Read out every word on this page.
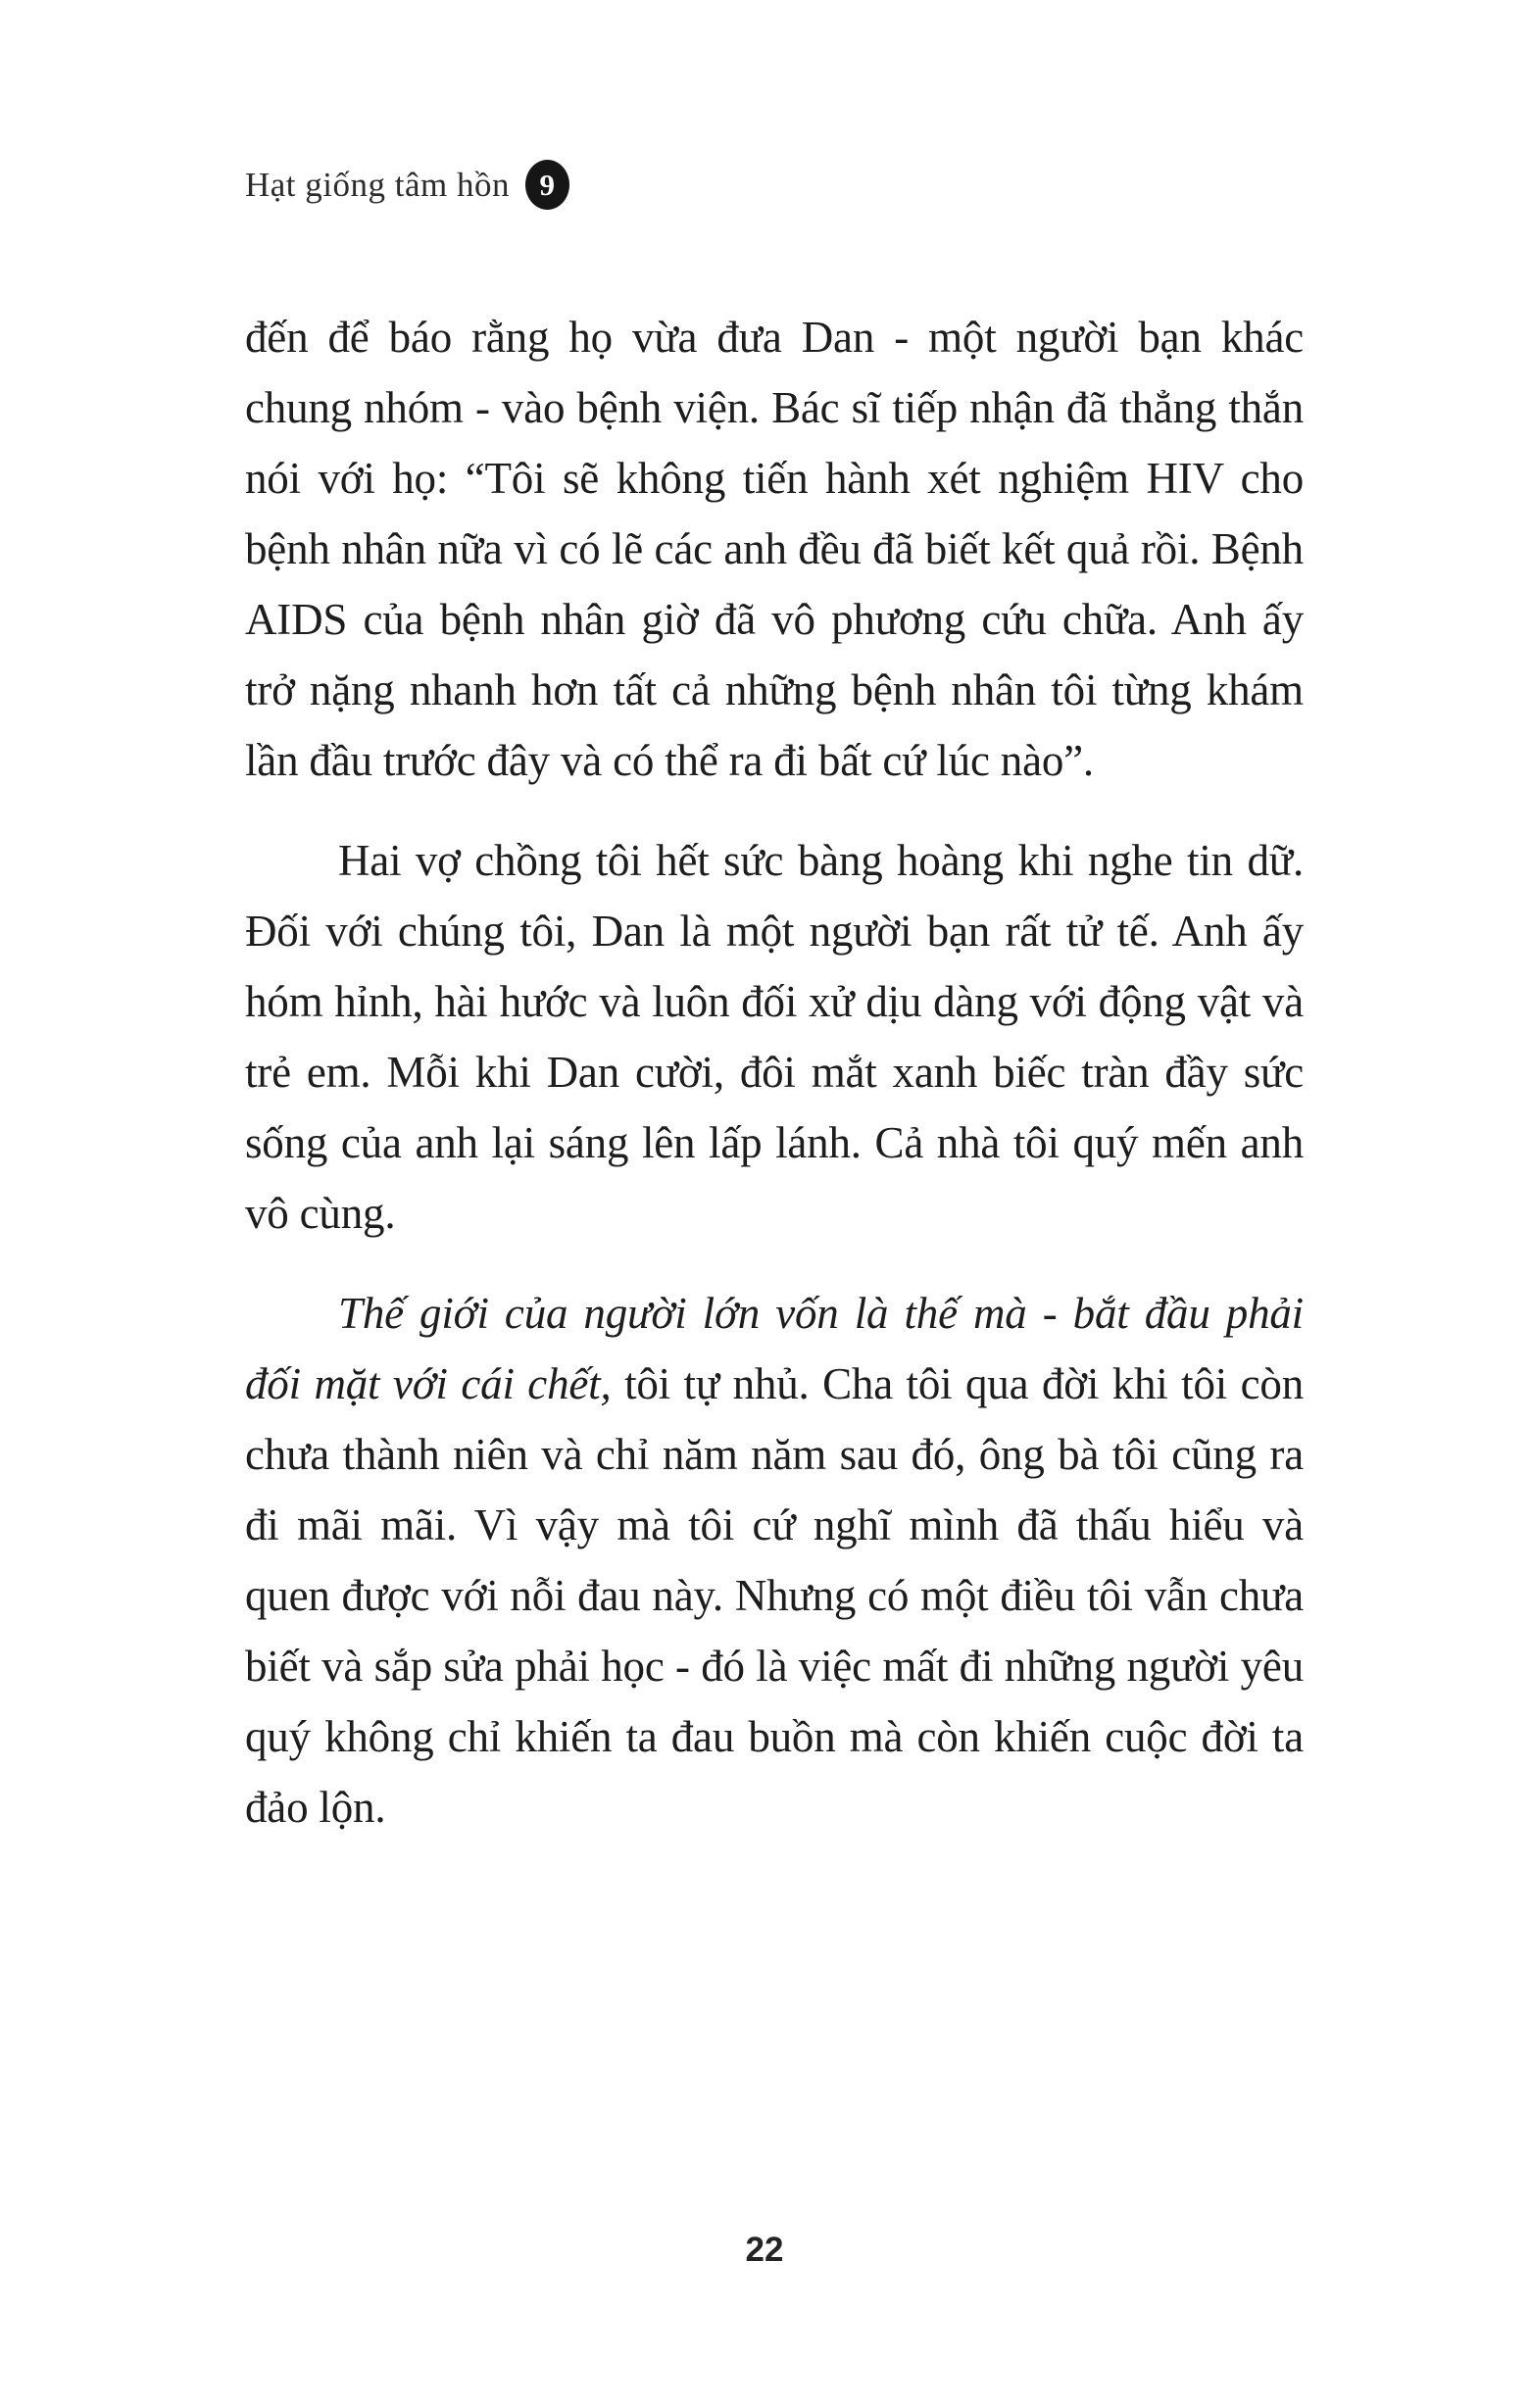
Hạt giống tâm hồn 9

đến để báo rằng họ vừa đưa Dan - một người bạn khác chung nhóm - vào bệnh viện. Bác sĩ tiếp nhận đã thẳng thắn nói với họ: “Tôi sẽ không tiến hành xét nghiệm HIV cho bệnh nhân nữa vì có lẽ các anh đều đã biết kết quả rồi. Bệnh AIDS của bệnh nhân giờ đã vô phương cứu chữa. Anh ấy trở nặng nhanh hơn tất cả những bệnh nhân tôi từng khám lần đầu trước đây và có thể ra đi bất cứ lúc nào”.

Hai vợ chồng tôi hết sức bàng hoàng khi nghe tin dữ. Đối với chúng tôi, Dan là một người bạn rất tử tế. Anh ấy hóm hỉnh, hài hước và luôn đối xử dịu dàng với động vật và trẻ em. Mỗi khi Dan cười, đôi mắt xanh biếc tràn đầy sức sống của anh lại sáng lên lấp lánh. Cả nhà tôi quý mến anh vô cùng.

Thế giới của người lớn vốn là thế mà - bắt đầu phải đối mặt với cái chết, tôi tự nhủ. Cha tôi qua đời khi tôi còn chưa thành niên và chỉ năm năm sau đó, ông bà tôi cũng ra đi mãi mãi. Vì vậy mà tôi cứ nghĩ mình đã thấu hiểu và quen được với nỗi đau này. Nhưng có một điều tôi vẫn chưa biết và sắp sửa phải học - đó là việc mất đi những người yêu quý không chỉ khiến ta đau buồn mà còn khiến cuộc đời ta đảo lộn.

22
